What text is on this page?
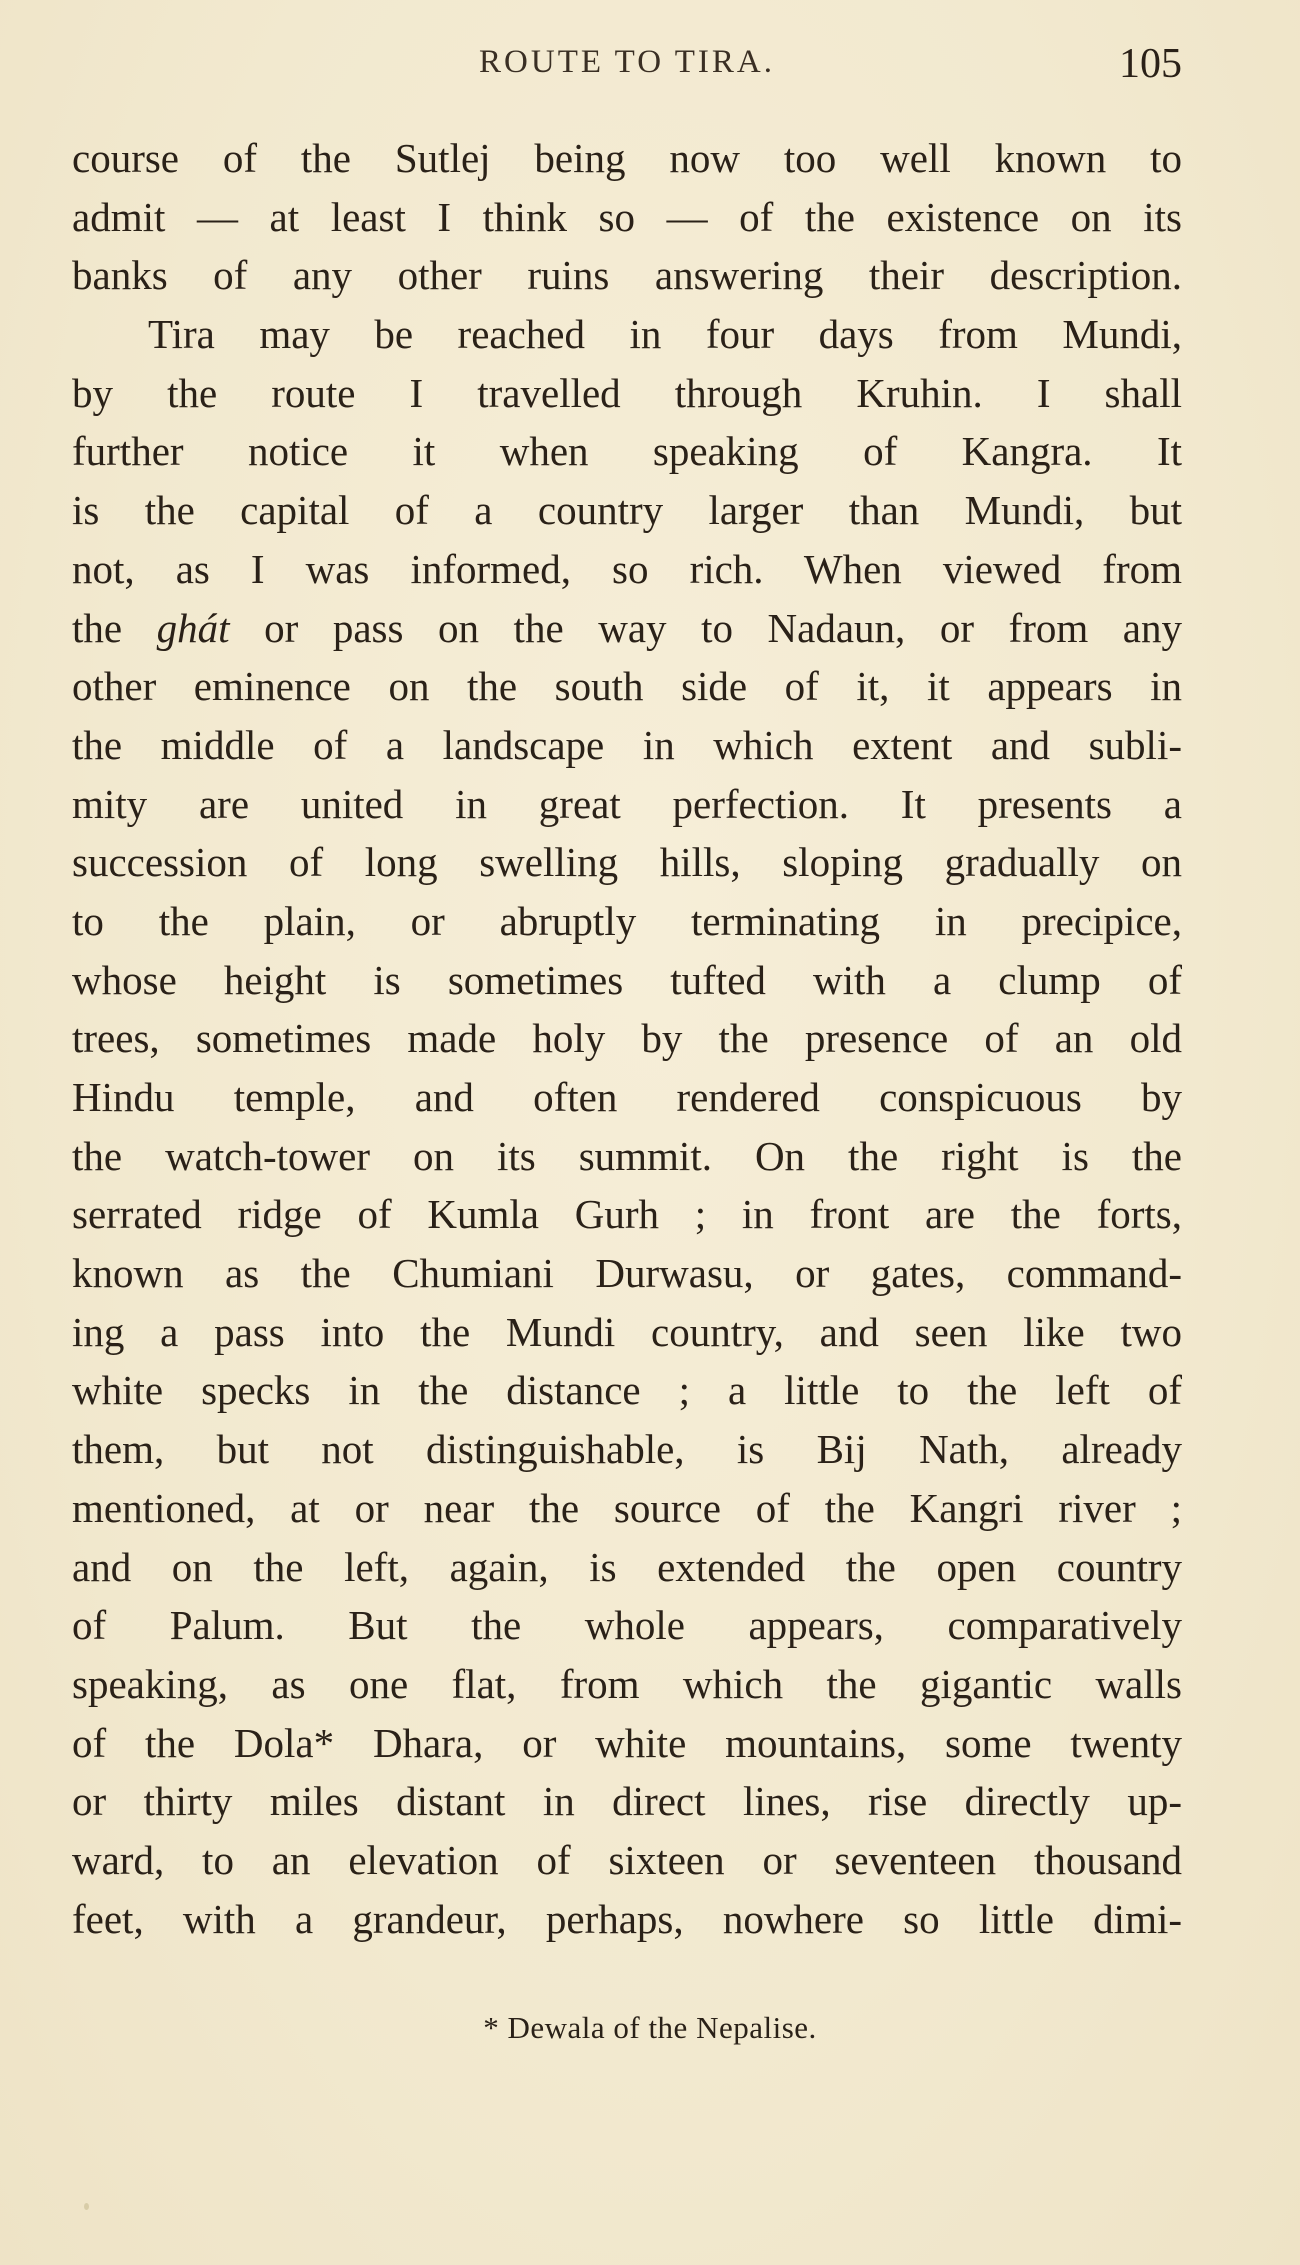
ROUTE TO TIRA.	105
course of the Sutlej being now too well known to
admit — at least I think so — of the existence on its
banks of any other ruins answering their description.
Tira may be reached in four days from Mundi,
by the route I travelled through Kruhin. I shall
further notice it when speaking of Kangra. It
is the capital of a country larger than Mundi, but
not, as I was informed, so rich. When viewed from
the ghát or pass on the way to Nadaun, or from any
other eminence on the south side of it, it appears in
the middle of a landscape in which extent and subli-
mity are united in great perfection. It presents a
succession of long swelling hills, sloping gradually on
to the plain, or abruptly terminating in precipice,
whose height is sometimes tufted with a clump of
trees, sometimes made holy by the presence of an old
Hindu temple, and often rendered conspicuous by
the watch-tower on its summit. On the right is the
serrated ridge of Kumla Gurh ; in front are the forts,
known as the Chumiani Durwasu, or gates, command-
ing a pass into the Mundi country, and seen like two
white specks in the distance ; a little to the left of
them, but not distinguishable, is Bij Nath, already
mentioned, at or near the source of the Kangri river ;
and on the left, again, is extended the open country
of Palum. But the whole appears, comparatively
speaking, as one flat, from which the gigantic walls
of the Dola* Dhara, or white mountains, some twenty
or thirty miles distant in direct lines, rise directly up-
ward, to an elevation of sixteen or seventeen thousand
feet, with a grandeur, perhaps, nowhere so little dimi-
* Dewala of the Nepalise.
